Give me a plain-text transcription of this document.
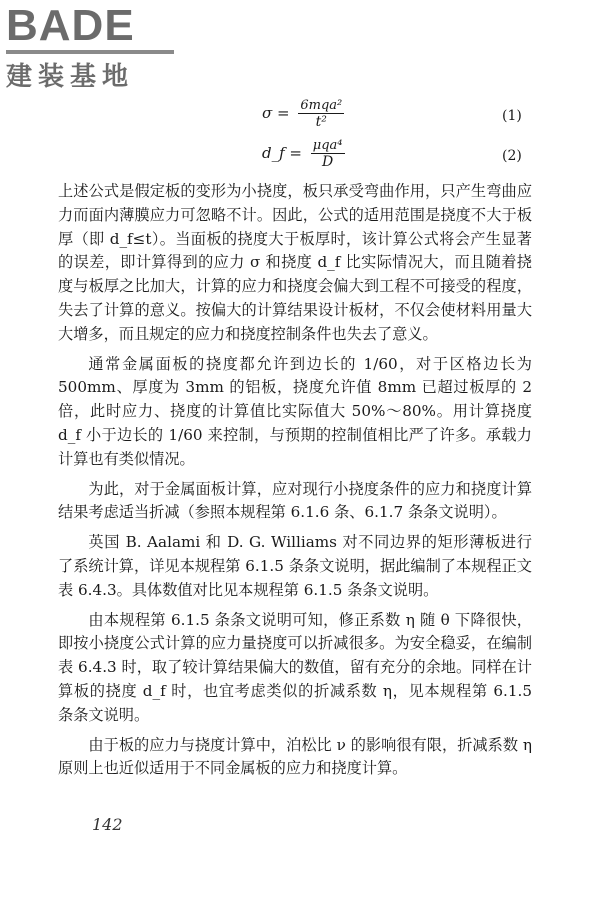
BADE
建装基地
$\sigma = \frac{\text{6mqa²}}{\text{t²}}$	(1)
d_f = $\frac{\text{μqa⁴}}{D}$	(2)

上述公式是假定板的变形为小挠度，板只承受弯曲作用，只产生弯曲应力而面内薄膜应力可忽略不计。因此，公式的适用范围是挠度不大于板厚（即 d_f≤t）。当面板的挠度大于板厚时，该计算公式将会产生显著的误差，即计算得到的应力 σ 和挠度 d_f 比实际情况大，而且随着挠度与板厚之比加大，计算的应力和挠度会偏大到工程不可接受的程度，失去了计算的意义。按偏大的计算结果设计板材，不仅会使材料用量大大增多，而且规定的应力和挠度控制条件也失去了意义。

通常金属面板的挠度都允许到边长的 1/60，对于区格边长为 500mm、厚度为 3mm 的铝板，挠度允许值 8mm 已超过板厚的 2 倍，此时应力、挠度的计算值比实际值大 50%～80%。用计算挠度 d_f 小于边长的 1/60 来控制，与预期的控制值相比严了许多。承载力计算也有类似情况。

为此，对于金属面板计算，应对现行小挠度条件的应力和挠度计算结果考虑适当折减（参照本规程第 6.1.6 条、6.1.7 条条文说明）。

英国 B. Aalami 和 D. G. Williams 对不同边界的矩形薄板进行了系统计算，详见本规程第 6.1.5 条条文说明，据此编制了本规程正文表 6.4.3。具体数值对比见本规程第 6.1.5 条条文说明。

由本规程第 6.1.5 条条文说明可知，修正系数 η 随 θ 下降很快，即按小挠度公式计算的应力量挠度可以折减很多。为安全稳妥，在编制表 6.4.3 时，取了较计算结果偏大的数值，留有充分的余地。同样在计算板的挠度 d_f 时，也宜考虑类似的折减系数 η，见本规程第 6.1.5 条条文说明。

由于板的应力与挠度计算中，泊松比 ν 的影响很有限，折减系数 η 原则上也近似适用于不同金属板的应力和挠度计算。

142
